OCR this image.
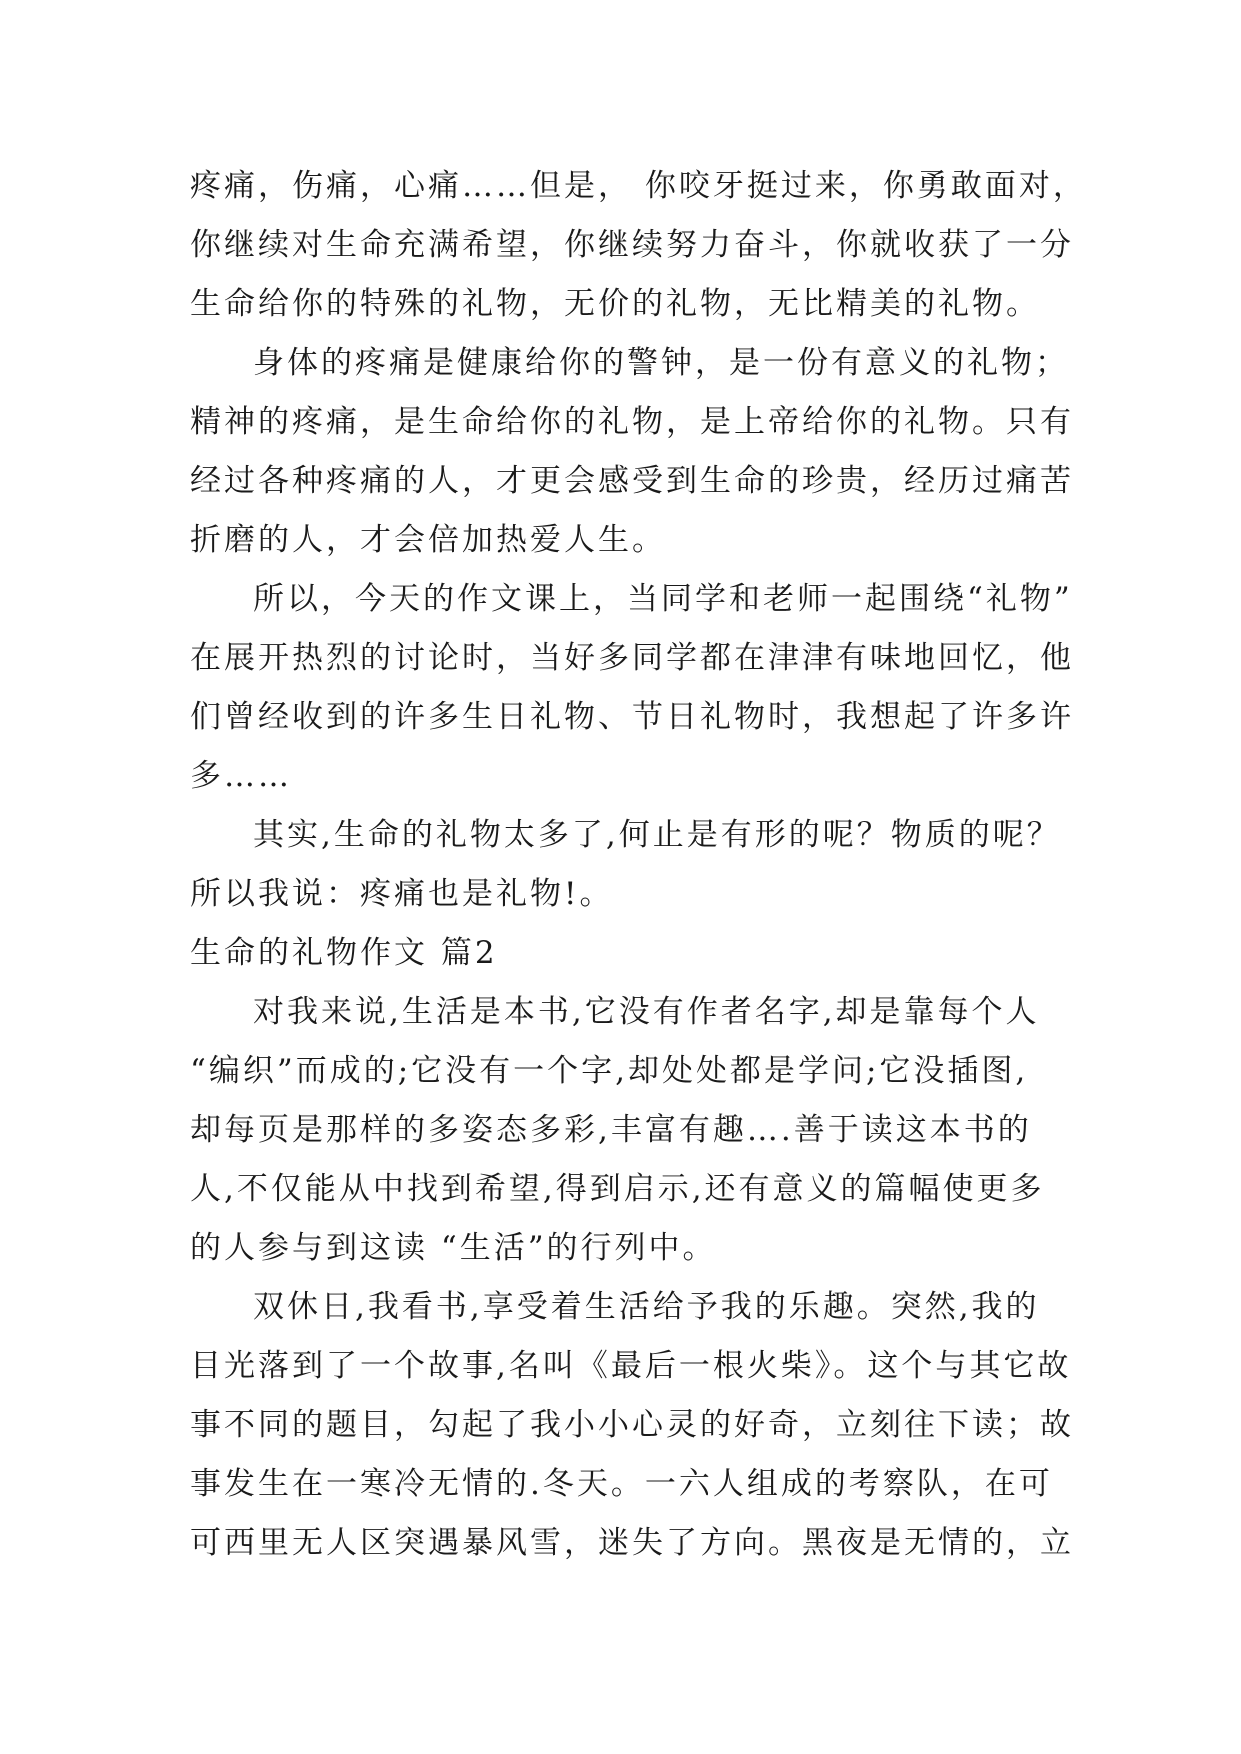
疼痛，伤痛，心痛……但是， 你咬牙挺过来，你勇敢面对，
你继续对生命充满希望，你继续努力奋斗，你就收获了一分
生命给你的特殊的礼物，无价的礼物，无比精美的礼物。
身体的疼痛是健康给你的警钟，是一份有意义的礼物；
精神的疼痛，是生命给你的礼物，是上帝给你的礼物。只有
经过各种疼痛的人，才更会感受到生命的珍贵，经历过痛苦
折磨的人，才会倍加热爱人生。
所以，今天的作文课上，当同学和老师一起围绕“礼物”
在展开热烈的讨论时，当好多同学都在津津有味地回忆，他
们曾经收到的许多生日礼物、节日礼物时，我想起了许多许
多……
其实,生命的礼物太多了,何止是有形的呢？物质的呢？
所以我说：疼痛也是礼物!。
生命的礼物作文 篇2
对我来说,生活是本书,它没有作者名字,却是靠每个人
“编织”而成的;它没有一个字,却处处都是学问;它没插图,
却每页是那样的多姿态多彩,丰富有趣….善于读这本书的
人,不仅能从中找到希望,得到启示,还有意义的篇幅使更多
的人参与到这读 “生活”的行列中。
双休日,我看书,享受着生活给予我的乐趣。突然,我的
目光落到了一个故事,名叫《最后一根火柴》。这个与其它故
事不同的题目，勾起了我小小心灵的好奇，立刻往下读；故
事发生在一寒冷无情的.冬天。一六人组成的考察队，在可
可西里无人区突遇暴风雪，迷失了方向。黑夜是无情的，立
